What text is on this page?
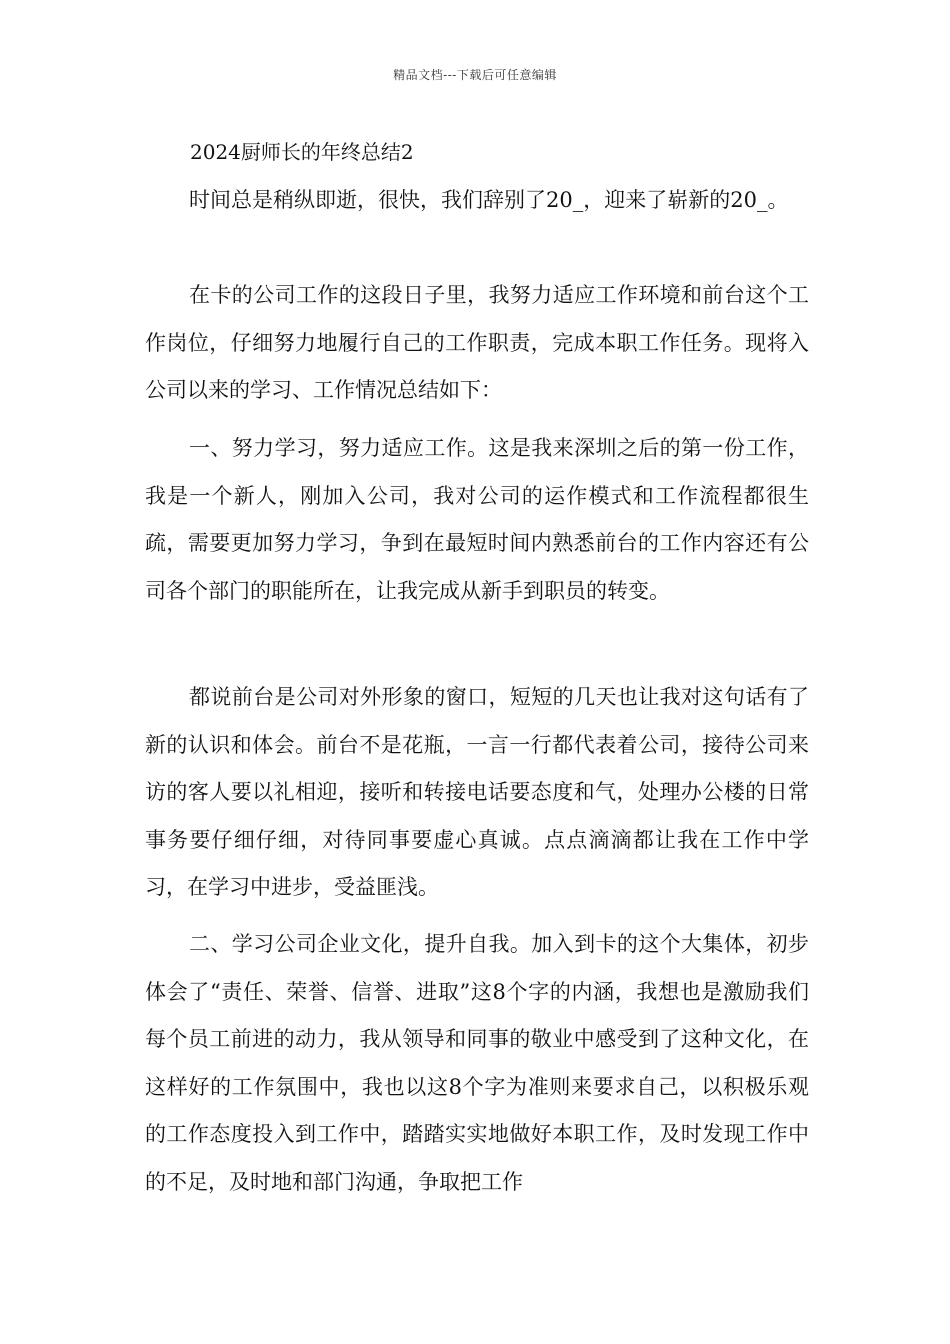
精品文档---下载后可任意编辑
2024厨师长的年终总结2

时间总是稍纵即逝，很快，我们辞别了20_，迎来了崭新的20_。

在卡的公司工作的这段日子里，我努力适应工作环境和前台这个工作岗位，仔细努力地履行自己的工作职责，完成本职工作任务。现将入公司以来的学习、工作情况总结如下：

一、努力学习，努力适应工作。这是我来深圳之后的第一份工作，我是一个新人，刚加入公司，我对公司的运作模式和工作流程都很生疏，需要更加努力学习，争到在最短时间内熟悉前台的工作内容还有公司各个部门的职能所在，让我完成从新手到职员的转变。

都说前台是公司对外形象的窗口，短短的几天也让我对这句话有了新的认识和体会。前台不是花瓶，一言一行都代表着公司，接待公司来访的客人要以礼相迎，接听和转接电话要态度和气，处理办公楼的日常事务要仔细仔细，对待同事要虚心真诚。点点滴滴都让我在工作中学习，在学习中进步，受益匪浅。

二、学习公司企业文化，提升自我。加入到卡的这个大集体，初步体会了“责任、荣誉、信誉、进取”这8个字的内涵，我想也是激励我们每个员工前进的动力，我从领导和同事的敬业中感受到了这种文化，在这样好的工作氛围中，我也以这8个字为准则来要求自己，以积极乐观的工作态度投入到工作中，踏踏实实地做好本职工作，及时发现工作中的不足，及时地和部门沟通，争取把工作
